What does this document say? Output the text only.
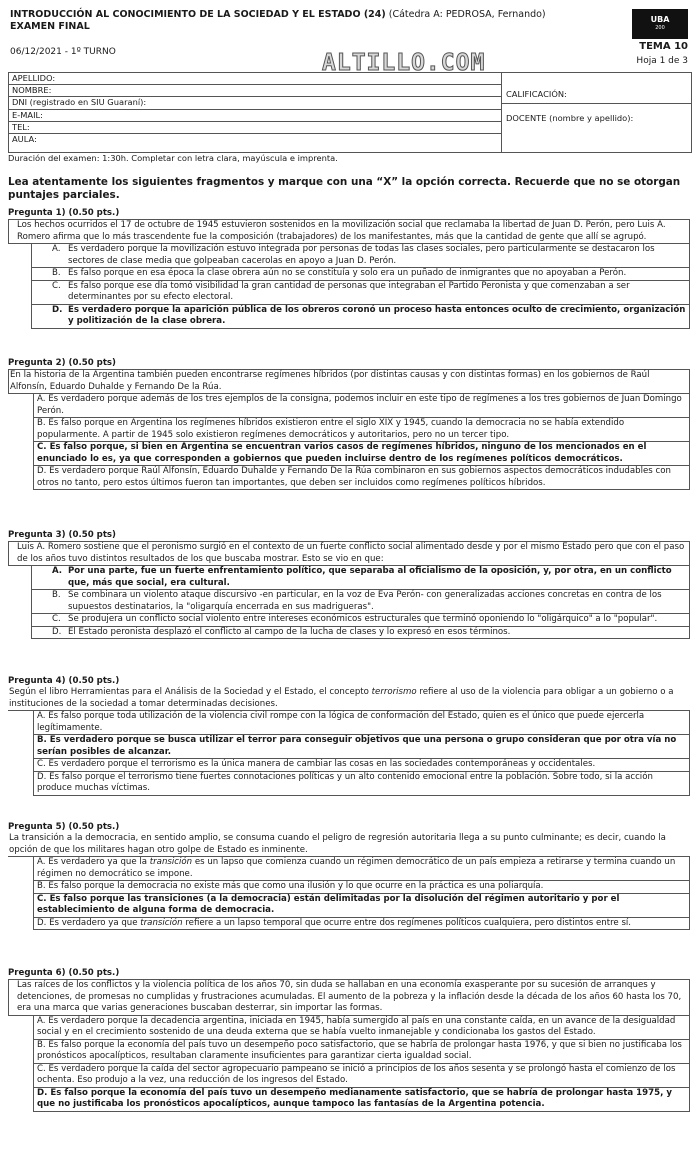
INTRODUCCIÓN AL CONOCIMIENTO DE LA SOCIEDAD Y EL ESTADO (24) (Cátedra A: PEDROSA, Fernando)
EXAMEN FINAL
06/12/2021 - 1º TURNO	ALTILLO.COM
UBA
200
TEMA 10
Hoja 1 de 3
APELLIDO:
NOMBRE:
DNI (registrado en SIU Guaraní):
E-MAIL:
TEL:
AULA:
CALIFICACIÓN:
DOCENTE (nombre y apellido):
Duración del examen: 1:30h. Completar con letra clara, mayúscula e imprenta.
Lea atentamente los siguientes fragmentos y marque con una “X” la opción correcta. Recuerde que no se otorgan puntajes parciales.
Pregunta 1) (0.50 pts.)
Los hechos ocurridos el 17 de octubre de 1945 estuvieron sostenidos en la movilización social que reclamaba la libertad de Juan D. Perón, pero Luis A. Romero afirma que lo más trascendente fue la composición (trabajadores) de los manifestantes, más que la cantidad de gente que allí se agrupó.
A. Es verdadero porque la movilización estuvo integrada por personas de todas las clases sociales, pero particularmente se destacaron los sectores de clase media que golpeaban cacerolas en apoyo a Juan D. Perón.
B. Es falso porque en esa época la clase obrera aún no se constituía y solo era un puñado de inmigrantes que no apoyaban a Perón.
C. Es falso porque ese día tomó visibilidad la gran cantidad de personas que integraban el Partido Peronista y que comenzaban a ser determinantes por su efecto electoral.
D. Es verdadero porque la aparición pública de los obreros coronó un proceso hasta entonces oculto de crecimiento, organización y politización de la clase obrera.
Pregunta 2) (0.50 pts)
En la historia de la Argentina también pueden encontrarse regímenes híbridos (por distintas causas y con distintas formas) en los gobiernos de Raúl Alfonsín, Eduardo Duhalde y Fernando De la Rúa.
A. Es verdadero porque además de los tres ejemplos de la consigna, podemos incluir en este tipo de regímenes a los tres gobiernos de Juan Domingo Perón.
B. Es falso porque en Argentina los regímenes híbridos existieron entre el siglo XIX y 1945, cuando la democracia no se había extendido popularmente. A partir de 1945 solo existieron regímenes democráticos y autoritarios, pero no un tercer tipo.
C. Es falso porque, si bien en Argentina se encuentran varios casos de regímenes híbridos, ninguno de los mencionados en el enunciado lo es, ya que corresponden a gobiernos que pueden incluirse dentro de los regímenes políticos democráticos.
D. Es verdadero porque Raúl Alfonsín, Eduardo Duhalde y Fernando De la Rúa combinaron en sus gobiernos aspectos democráticos indudables con otros no tanto, pero estos últimos fueron tan importantes, que deben ser incluidos como regímenes políticos híbridos.
Pregunta 3) (0.50 pts)
Luis A. Romero sostiene que el peronismo surgió en el contexto de un fuerte conflicto social alimentado desde y por el mismo Estado pero que con el paso de los años tuvo distintos resultados de los que buscaba mostrar. Esto se vio en que:
A. Por una parte, fue un fuerte enfrentamiento político, que separaba al oficialismo de la oposición, y, por otra, en un conflicto que, más que social, era cultural.
B. Se combinara un violento ataque discursivo -en particular, en la voz de Eva Perón- con generalizadas acciones concretas en contra de los supuestos destinatarios, la "oligarquía encerrada en sus madrigueras".
C. Se produjera un conflicto social violento entre intereses económicos estructurales que terminó oponiendo lo "oligárquico" a lo "popular".
D. El Estado peronista desplazó el conflicto al campo de la lucha de clases y lo expresó en esos términos.
Pregunta 4) (0.50 pts.)
Según el libro Herramientas para el Análisis de la Sociedad y el Estado, el concepto terrorismo refiere al uso de la violencia para obligar a un gobierno o a instituciones de la sociedad a tomar determinadas decisiones.
A. Es falso porque toda utilización de la violencia civil rompe con la lógica de conformación del Estado, quien es el único que puede ejercerla legítimamente.
B. Es verdadero porque se busca utilizar el terror para conseguir objetivos que una persona o grupo consideran que por otra vía no serían posibles de alcanzar.
C. Es verdadero porque el terrorismo es la única manera de cambiar las cosas en las sociedades contemporáneas y occidentales.
D. Es falso porque el terrorismo tiene fuertes connotaciones políticas y un alto contenido emocional entre la población. Sobre todo, si la acción produce muchas víctimas.
Pregunta 5) (0.50 pts.)
La transición a la democracia, en sentido amplio, se consuma cuando el peligro de regresión autoritaria llega a su punto culminante; es decir, cuando la opción de que los militares hagan otro golpe de Estado es inminente.
A. Es verdadero ya que la transición es un lapso que comienza cuando un régimen democrático de un país empieza a retirarse y termina cuando un régimen no democrático se impone.
B. Es falso porque la democracia no existe más que como una ilusión y lo que ocurre en la práctica es una poliarquía.
C. Es falso porque las transiciones (a la democracia) están delimitadas por la disolución del régimen autoritario y por el establecimiento de alguna forma de democracia.
D. Es verdadero ya que transición refiere a un lapso temporal que ocurre entre dos regímenes políticos cualquiera, pero distintos entre sí.
Pregunta 6) (0.50 pts.)
Las raíces de los conflictos y la violencia política de los años 70, sin duda se hallaban en una economía exasperante por su sucesión de arranques y detenciones, de promesas no cumplidas y frustraciones acumuladas. El aumento de la pobreza y la inflación desde la década de los años 60 hasta los 70, era una marca que varias generaciones buscaban desterrar, sin importar las formas.
A. Es verdadero porque la decadencia argentina, iniciada en 1945, había sumergido al país en una constante caída, en un avance de la desigualdad social y en el crecimiento sostenido de una deuda externa que se había vuelto inmanejable y condicionaba los gastos del Estado.
B. Es falso porque la economía del país tuvo un desempeño poco satisfactorio, que se habría de prolongar hasta 1976, y que si bien no justificaba los pronósticos apocalípticos, resultaban claramente insuficientes para garantizar cierta igualdad social.
C. Es verdadero porque la caída del sector agropecuario pampeano se inició a principios de los años sesenta y se prolongó hasta el comienzo de los ochenta. Eso produjo a la vez, una reducción de los ingresos del Estado.
D. Es falso porque la economía del país tuvo un desempeño medianamente satisfactorio, que se habría de prolongar hasta 1975, y que no justificaba los pronósticos apocalípticos, aunque tampoco las fantasías de la Argentina potencia.
